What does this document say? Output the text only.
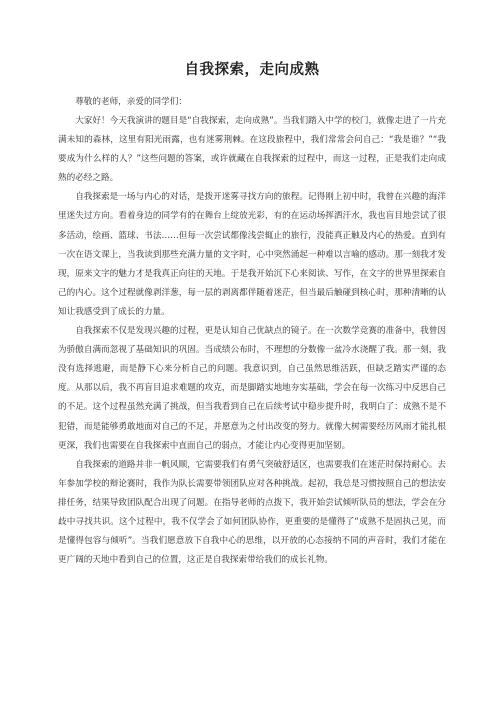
自我探索，走向成熟

尊敬的老师，亲爱的同学们：

大家好！今天我演讲的题目是“自我探索，走向成熟”。当我们踏入中学的校门，就像走进了一片充满未知的森林，这里有阳光雨露，也有迷雾荆棘。在这段旅程中，我们常常会问自己：“我是谁？”“我要成为什么样的人？”这些问题的答案，或许就藏在自我探索的过程中，而这一过程，正是我们走向成熟的必经之路。

自我探索是一场与内心的对话，是拨开迷雾寻找方向的旅程。记得刚上初中时，我曾在兴趣的海洋里迷失过方向。看着身边的同学有的在舞台上绽放光彩，有的在运动场挥洒汗水，我也盲目地尝试了很多活动，绘画、篮球、书法……但每一次尝试都像浅尝辄止的旅行，没能真正触及内心的热爱。直到有一次在语文课上，当我读到那些充满力量的文字时，心中突然涌起一种难以言喻的感动。那一刻我才发现，原来文字的魅力才是我真正向往的天地。于是我开始沉下心来阅读、写作，在文字的世界里探索自己的内心。这个过程就像剥洋葱，每一层的剥离都伴随着迷茫，但当最后触碰到核心时，那种清晰的认知让我感受到了成长的力量。

自我探索不仅是发现兴趣的过程，更是认知自己优缺点的镜子。在一次数学竞赛的准备中，我曾因为骄傲自满而忽视了基础知识的巩固。当成绩公布时，不理想的分数像一盆冷水浇醒了我。那一刻，我没有选择逃避，而是静下心来分析自己的问题。我意识到，自己虽然思维活跃，但缺乏踏实严谨的态度。从那以后，我不再盲目追求难题的攻克，而是脚踏实地地夯实基础，学会在每一次练习中反思自己的不足。这个过程虽然充满了挑战，但当我看到自己在后续考试中稳步提升时，我明白了：成熟不是不犯错，而是能够勇敢地面对自己的不足，并愿意为之付出改变的努力。就像大树需要经历风雨才能扎根更深，我们也需要在自我探索中直面自己的弱点，才能让内心变得更加坚韧。

自我探索的道路并非一帆风顺，它需要我们有勇气突破舒适区，也需要我们在迷茫时保持耐心。去年参加学校的辩论赛时，我作为队长需要带领团队应对各种挑战。起初，我总是习惯按照自己的想法安排任务，结果导致团队配合出现了问题。在指导老师的点拨下，我开始尝试倾听队员的想法，学会在分歧中寻找共识。这个过程中，我不仅学会了如何团队协作，更重要的是懂得了“成熟不是固执己见，而是懂得包容与倾听”。当我们愿意放下自我中心的思维，以开放的心态接纳不同的声音时，我们才能在更广阔的天地中看到自己的位置，这正是自我探索带给我们的成长礼物。
